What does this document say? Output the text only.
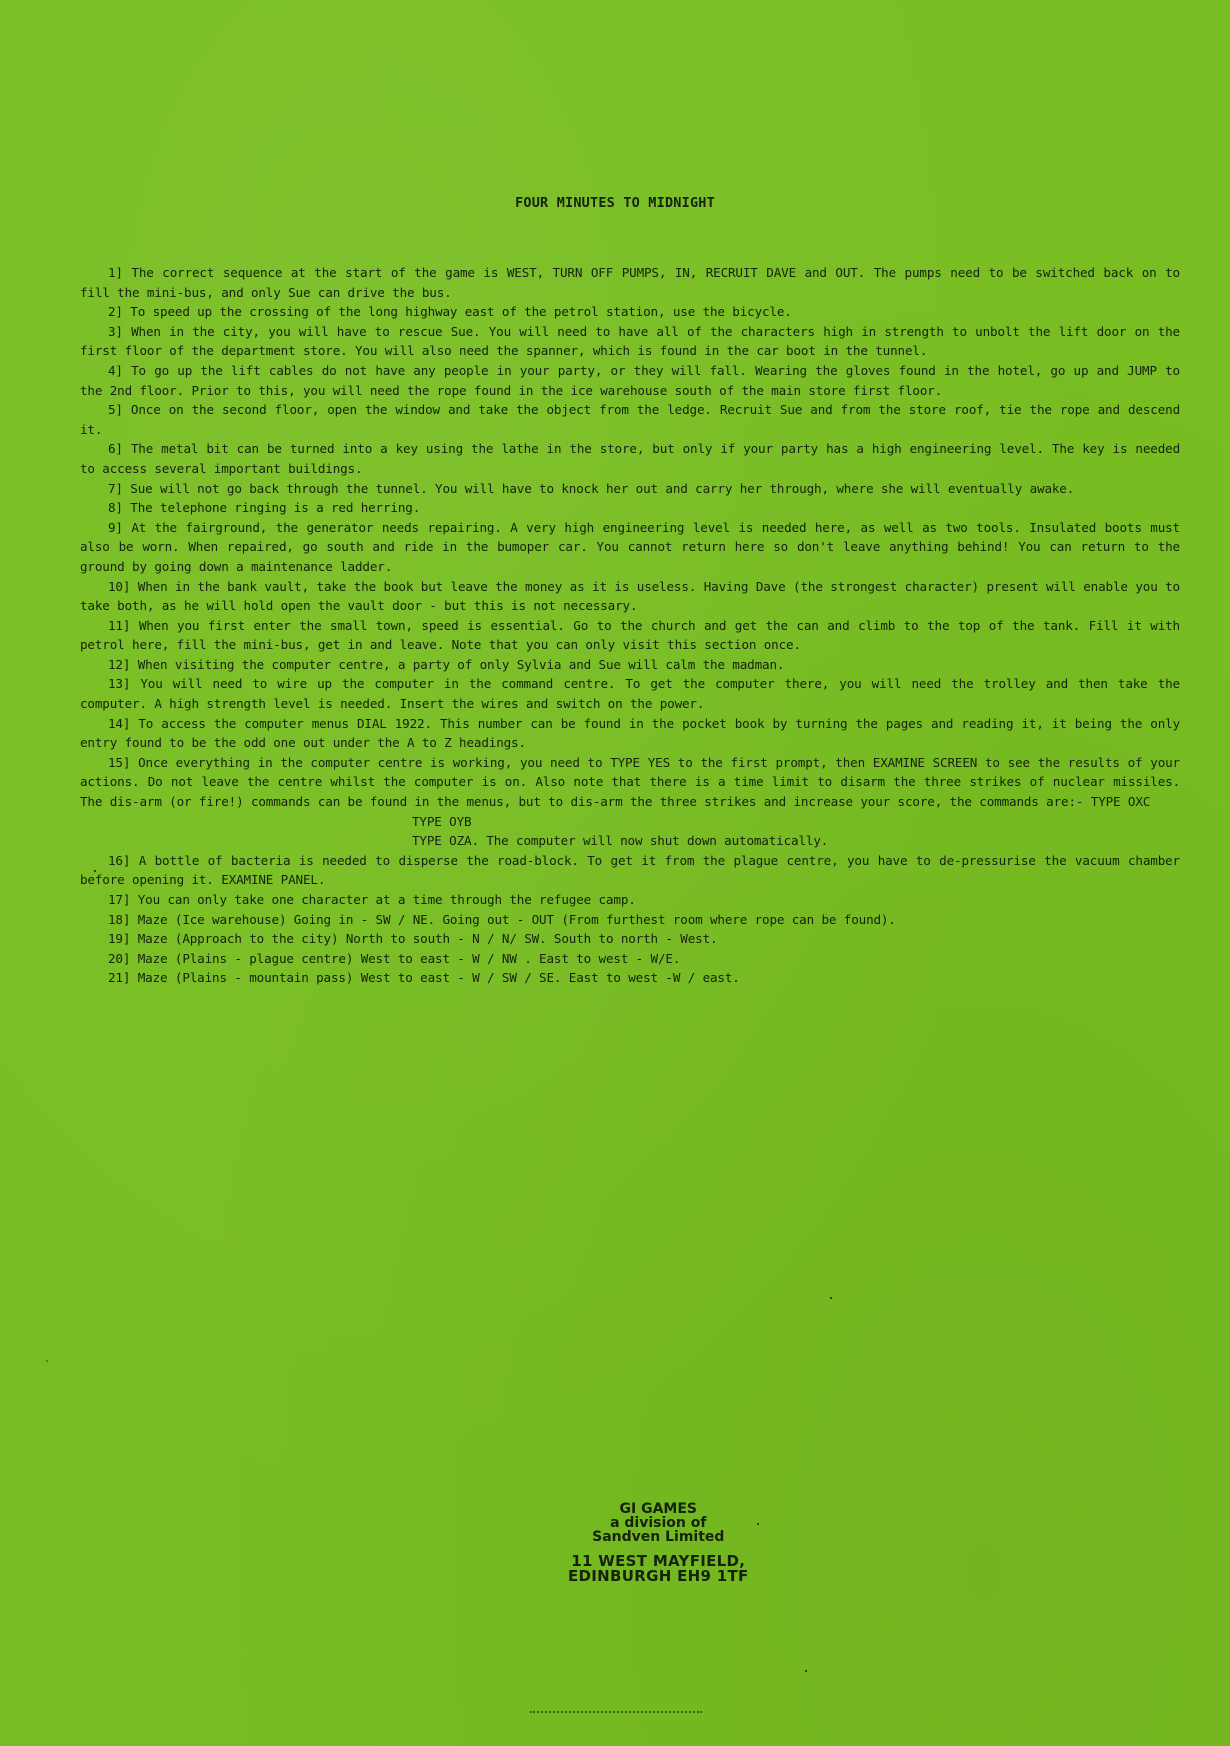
FOUR MINUTES TO MIDNIGHT

1] The correct sequence at the start of the game is WEST, TURN OFF PUMPS, IN, RECRUIT DAVE and OUT. The pumps need to be switched back on to fill the mini-bus, and only Sue can drive the bus.

2] To speed up the crossing of the long highway east of the petrol station, use the bicycle.

3] When in the city, you will have to rescue Sue. You will need to have all of the characters high in strength to unbolt the lift door on the first floor of the department store. You will also need the spanner, which is found in the car boot in the tunnel.

4] To go up the lift cables do not have any people in your party, or they will fall. Wearing the gloves found in the hotel, go up and JUMP to the 2nd floor. Prior to this, you will need the rope found in the ice warehouse south of the main store first floor.

5] Once on the second floor, open the window and take the object from the ledge. Recruit Sue and from the store roof, tie the rope and descend it.

6] The metal bit can be turned into a key using the lathe in the store, but only if your party has a high engineering level. The key is needed to access several important buildings.

7] Sue will not go back through the tunnel. You will have to knock her out and carry her through, where she will eventually awake.

8] The telephone ringing is a red herring.

9] At the fairground, the generator needs repairing. A very high engineering level is needed here, as well as two tools. Insulated boots must also be worn. When repaired, go south and ride in the bumoper car. You cannot return here so don't leave anything behind! You can return to the ground by going down a maintenance ladder.

10] When in the bank vault, take the book but leave the money as it is useless. Having Dave (the strongest character) present will enable you to take both, as he will hold open the vault door - but this is not necessary.

11] When you first enter the small town, speed is essential. Go to the church and get the can and climb to the top of the tank. Fill it with petrol here, fill the mini-bus, get in and leave. Note that you can only visit this section once.

12] When visiting the computer centre, a party of only Sylvia and Sue will calm the madman.

13] You will need to wire up the computer in the command centre. To get the computer there, you will need the trolley and then take the computer. A high strength level is needed. Insert the wires and switch on the power.

14] To access the computer menus DIAL 1922. This number can be found in the pocket book by turning the pages and reading it, it being the only entry found to be the odd one out under the A to Z headings.

15] Once everything in the computer centre is working, you need to TYPE YES to the first prompt, then EXAMINE SCREEN to see the results of your actions. Do not leave the centre whilst the computer is on. Also note that there is a time limit to disarm the three strikes of nuclear missiles. The dis-arm (or fire!) commands can be found in the menus, but to dis-arm the three strikes and increase your score, the commands are:- TYPE OXC

TYPE OYB

TYPE OZA. The computer will now shut down automatically.

16] A bottle of bacteria is needed to disperse the road-block. To get it from the plague centre, you have to de-pressurise the vacuum chamber before opening it. EXAMINE PANEL.

17] You can only take one character at a time through the refugee camp.

18] Maze (Ice warehouse) Going in - SW / NE. Going out - OUT (From furthest room where rope can be found).

19] Maze (Approach to the city) North to south - N / N/ SW. South to north - West.

20] Maze (Plains - plague centre) West to east - W / NW . East to west - W/E.

21] Maze (Plains - mountain pass) West to east - W / SW / SE. East to west -W / east.

GI GAMES
a division of
Sandven Limited
11 WEST MAYFIELD,
EDINBURGH EH9 1TF
